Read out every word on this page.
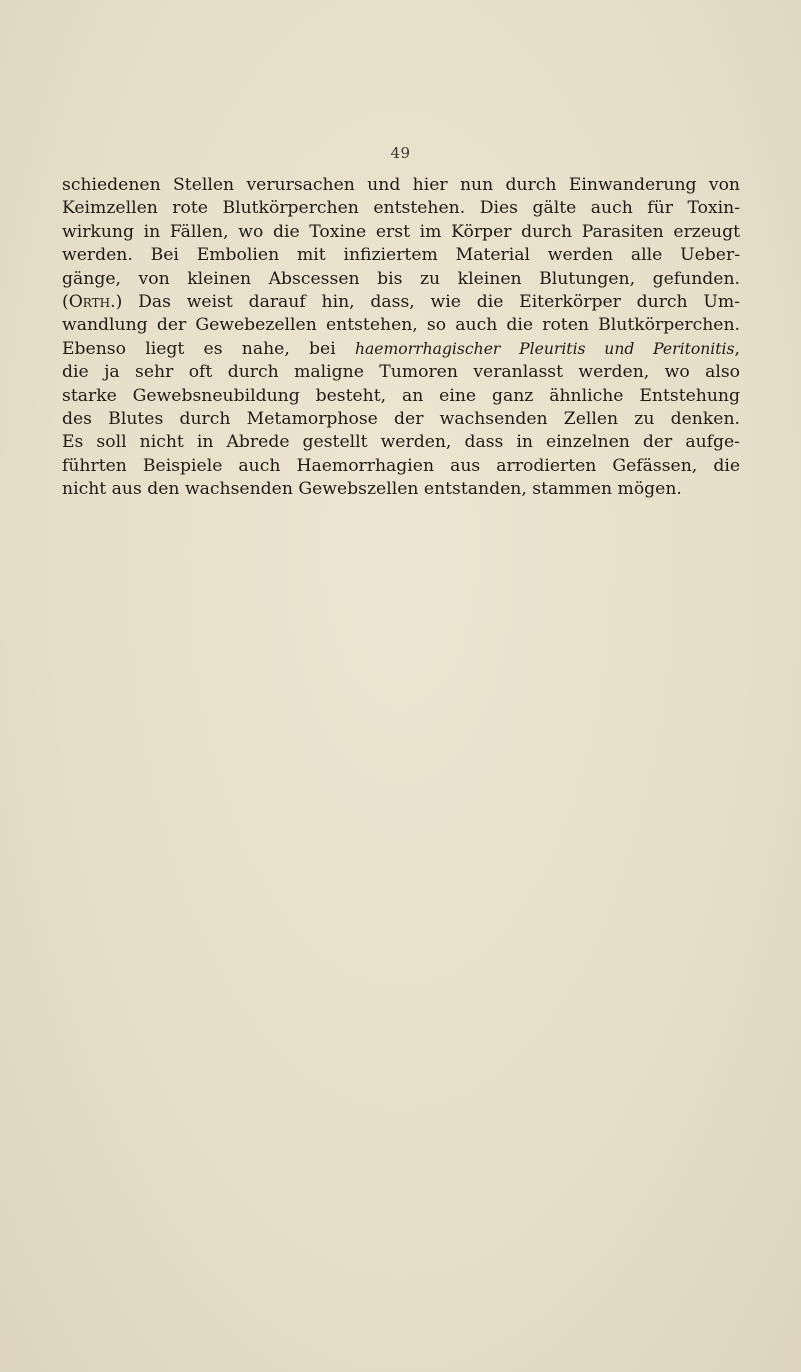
49
schiedenen Stellen verursachen und hier nun durch Einwanderung von
Keimzellen rote Blutkörperchen entstehen. Dies gälte auch für Toxin-
wirkung in Fällen, wo die Toxine erst im Körper durch Parasiten erzeugt
werden. Bei Embolien mit infiziertem Material werden alle Ueber-
gänge, von kleinen Abscessen bis zu kleinen Blutungen, gefunden.
(Orth.) Das weist darauf hin, dass, wie die Eiterkörper durch Um-
wandlung der Gewebezellen entstehen, so auch die roten Blutkörperchen.
Ebenso liegt es nahe, bei haemorrhagischer Pleuritis und Peritonitis,
die ja sehr oft durch maligne Tumoren veranlasst werden, wo also
starke Gewebsneubildung besteht, an eine ganz ähnliche Entstehung
des Blutes durch Metamorphose der wachsenden Zellen zu denken.
Es soll nicht in Abrede gestellt werden, dass in einzelnen der aufge-
führten Beispiele auch Haemorrhagien aus arrodierten Gefässen, die
nicht aus den wachsenden Gewebszellen entstanden, stammen mögen.
